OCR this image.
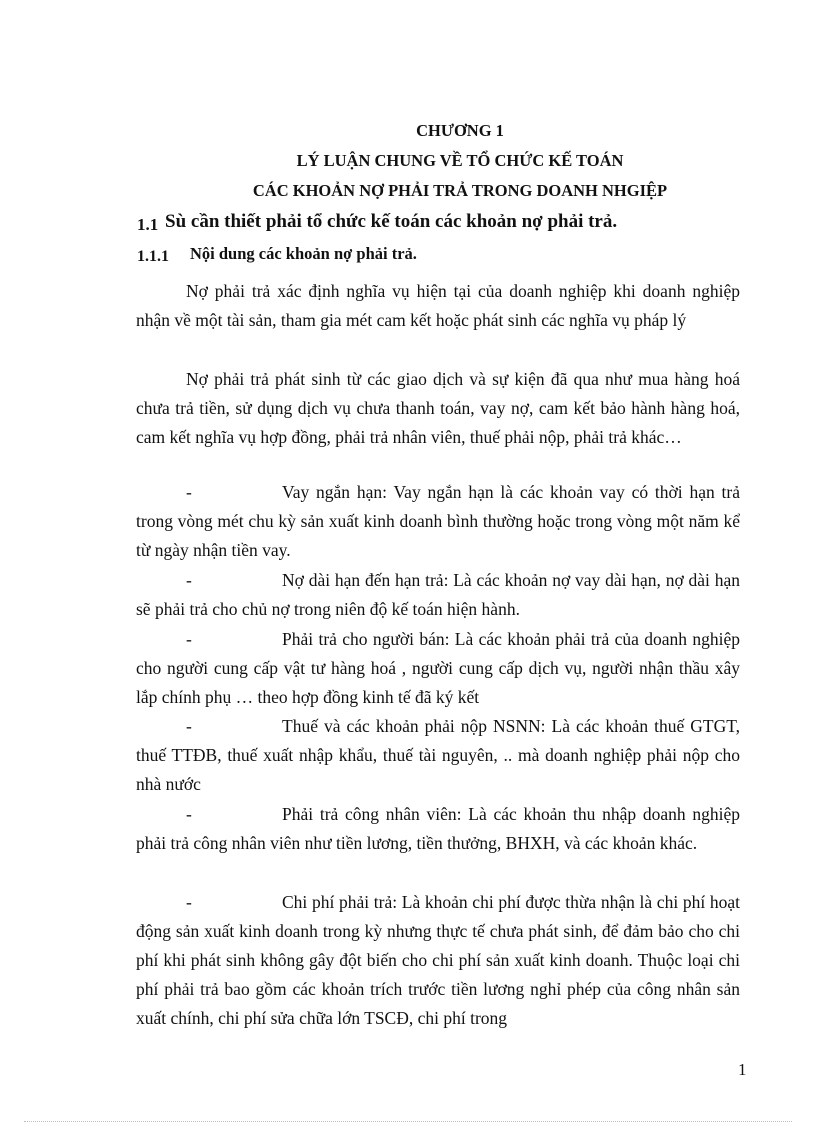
CHƯƠNG 1
LÝ LUẬN CHUNG VỀ TỔ CHỨC KẾ TOÁN
CÁC KHOẢN NỢ PHẢI TRẢ TRONG DOANH NHGIỆP
1.1 Sù cần thiết phải tổ chức kế toán các khoản nợ phải trả.
1.1.1 Nội dung các khoản nợ phải trả.

Nợ phải trả xác định nghĩa vụ hiện tại của doanh nghiệp khi doanh nghiệp nhận về một tài sản, tham gia mét cam kết hoặc phát sinh các nghĩa vụ pháp lý

Nợ phải trả phát sinh từ các giao dịch và sự kiện đã qua như mua hàng hoá chưa trả tiền, sử dụng dịch vụ chưa thanh toán, vay nợ, cam kết bảo hành hàng hoá, cam kết nghĩa vụ hợp đồng, phải trả nhân viên, thuế phải nộp, phải trả khác…

-	Vay ngắn hạn: Vay ngắn hạn là các khoản vay có thời hạn trả trong vòng mét chu kỳ sản xuất kinh doanh bình thường hoặc trong vòng một năm kể từ ngày nhận tiền vay.

-	Nợ dài hạn đến hạn trả: Là các khoản nợ vay dài hạn, nợ dài hạn sẽ phải trả cho chủ nợ trong niên độ kế toán hiện hành.

-	Phải trả cho người bán: Là các khoản phải trả của doanh nghiệp cho người cung cấp vật tư hàng hoá , người cung cấp dịch vụ, người nhận thầu xây lắp chính phụ … theo hợp đồng kinh tế đã ký kết

-	Thuế và các khoản phải nộp NSNN: Là các khoản thuế GTGT, thuế TTĐB, thuế xuất nhập khẩu, thuế tài nguyên, .. mà doanh nghiệp phải nộp cho nhà nước

-	Phải trả công nhân viên: Là các khoản thu nhập doanh nghiệp phải trả công nhân viên như tiền lương, tiền thưởng, BHXH, và các khoản khác.

-	Chi phí phải trả: Là khoản chi phí được thừa nhận là chi phí hoạt động sản xuất kinh doanh trong kỳ nhưng thực tế chưa phát sinh, để đảm bảo cho chi phí khi phát sinh không gây đột biến cho chi phí sản xuất kinh doanh. Thuộc loại chi phí phải trả bao gồm các khoản trích trước tiền lương nghỉ phép của công nhân sản xuất chính, chi phí sửa chữa lớn TSCĐ, chi phí trong

1
